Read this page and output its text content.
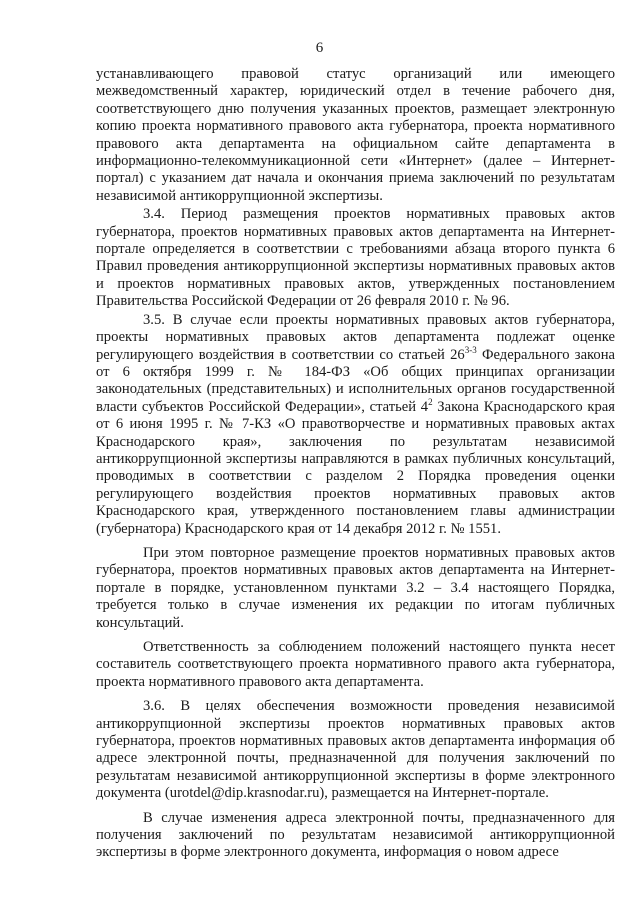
6

устанавливающего правовой статус организаций или имеющего межведомственный характер, юридический отдел в течение рабочего дня, соответствующего дню получения указанных проектов, размещает электронную копию проекта нормативного правового акта губернатора, проекта нормативного правового акта департамента на официальном сайте департамента в информационно-телекоммуникационной сети «Интернет» (далее – Интернет-портал) с указанием дат начала и окончания приема заключений по результатам независимой антикоррупционной экспертизы.

3.4. Период размещения проектов нормативных правовых актов губернатора, проектов нормативных правовых актов департамента на Интернет-портале определяется в соответствии с требованиями абзаца второго пункта 6 Правил проведения антикоррупционной экспертизы нормативных правовых актов и проектов нормативных правовых актов, утвержденных постановлением Правительства Российской Федерации от 26 февраля 2010 г. № 96.

3.5. В случае если проекты нормативных правовых актов губернатора, проекты нормативных правовых актов департамента подлежат оценке регулирующего воздействия в соответствии со статьей 26$^{3-3}$ Федерального закона от 6 октября 1999 г. № 184-ФЗ «Об общих принципах организации законодательных (представительных) и исполнительных органов государственной власти субъектов Российской Федерации», статьей $4^2$ Закона Краснодарского края от 6 июня 1995 г. № 7-КЗ «О правотворчестве и нормативных правовых актах Краснодарского края», заключения по результатам независимой антикоррупционной экспертизы направляются в рамках публичных консультаций, проводимых в соответствии с разделом 2 Порядка проведения оценки регулирующего воздействия проектов нормативных правовых актов Краснодарского края, утвержденного постановлением главы администрации (губернатора) Краснодарского края от 14 декабря 2012 г. № 1551.

При этом повторное размещение проектов нормативных правовых актов губернатора, проектов нормативных правовых актов департамента на Интернет-портале в порядке, установленном пунктами 3.2 – 3.4 настоящего Порядка, требуется только в случае изменения их редакции по итогам публичных консультаций.

Ответственность за соблюдением положений настоящего пункта несет составитель соответствующего проекта нормативного правого акта губернатора, проекта нормативного правового акта департамента.

3.6. В целях обеспечения возможности проведения независимой антикоррупционной экспертизы проектов нормативных правовых актов губернатора, проектов нормативных правовых актов департамента информация об адресе электронной почты, предназначенной для получения заключений по результатам независимой антикоррупционной экспертизы в форме электронного документа (urotdel@dip.krasnodar.ru), размещается на Интернет-портале.

В случае изменения адреса электронной почты, предназначенного для получения заключений по результатам независимой антикоррупционной экспертизы в форме электронного документа, информация о новом адресе
